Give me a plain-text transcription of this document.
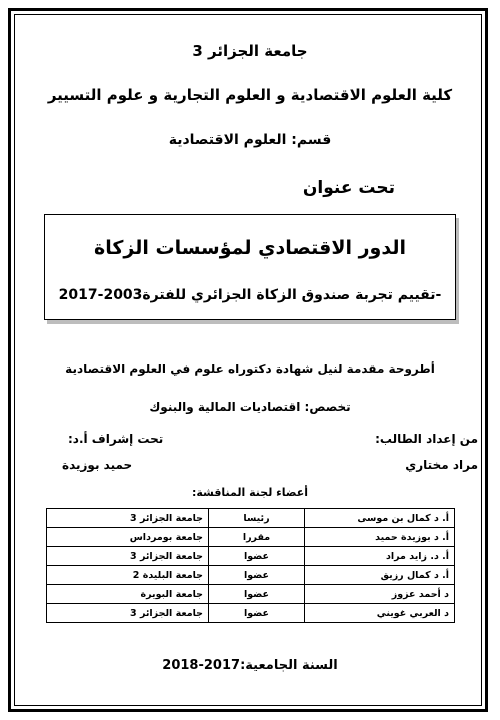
جامعة الجزائر 3
كلية العلوم الاقتصادية و العلوم التجارية و علوم التسيير
قسم: العلوم الاقتصادية
تحت عنوان
الدور الاقتصادي لمؤسسات الزكاة
-تقييم تجربة صندوق الزكاة الجزائري للفترة2003-2017
أطروحة مقدمة لنيل شهادة دكتوراه علوم في العلوم الاقتصادية
تخصص: اقتصاديات المالية والبنوك
من إعداد الطالب:
مراد مختاري
تحت إشراف أ.د:
حميد بوزيدة
أعضاء لجنة المناقشة:
أ. د كمال بن موسى	رئيسا	جامعة الجزائر 3
أ. د بوزيدة حميد	مقررا	جامعة بومرداس
أ. د. زايد مراد	عضوا	جامعة الجزائر 3
أ. د كمال رزيق	عضوا	جامعة البليدة 2
د أحمد عزوز	عضوا	جامعة البويرة
د العربي غويني	عضوا	جامعة الجزائر 3
السنة الجامعية:2017-2018
